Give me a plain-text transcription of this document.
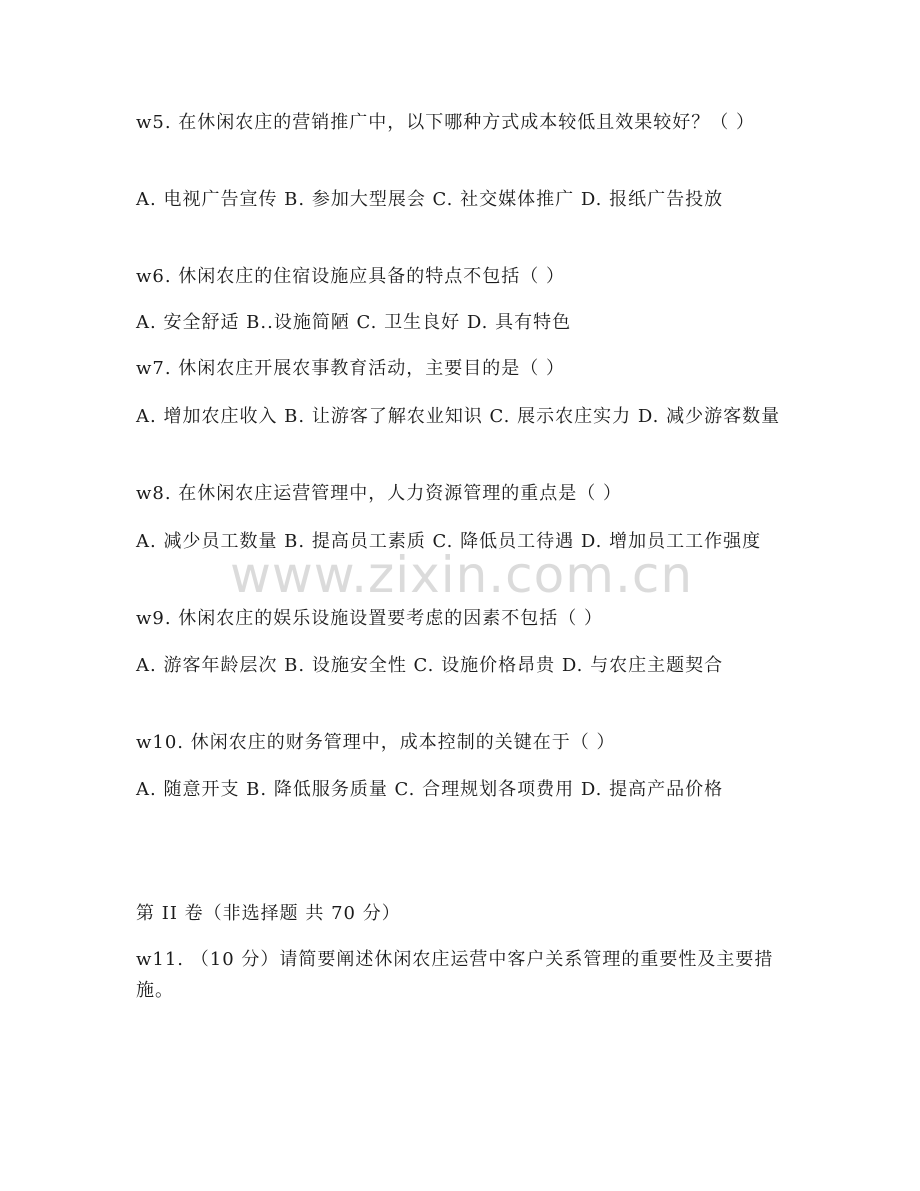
w5. 在休闲农庄的营销推广中，以下哪种方式成本较低且效果较好？（ ）
A. 电视广告宣传 B. 参加大型展会 C. 社交媒体推广 D. 报纸广告投放
w6. 休闲农庄的住宿设施应具备的特点不包括（ ）
A. 安全舒适 B..设施简陋 C. 卫生良好 D. 具有特色
w7. 休闲农庄开展农事教育活动，主要目的是（ ）
A. 增加农庄收入 B. 让游客了解农业知识 C. 展示农庄实力 D. 减少游客数量
w8. 在休闲农庄运营管理中，人力资源管理的重点是（ ）
A. 减少员工数量 B. 提高员工素质 C. 降低员工待遇 D. 增加员工工作强度
w9. 休闲农庄的娱乐设施设置要考虑的因素不包括（ ）
A. 游客年龄层次 B. 设施安全性 C. 设施价格昂贵 D. 与农庄主题契合
w10. 休闲农庄的财务管理中，成本控制的关键在于（ ）
A. 随意开支 B. 降低服务质量 C. 合理规划各项费用 D. 提高产品价格
第 II 卷（非选择题 共 70 分）
w11. （10 分）请简要阐述休闲农庄运营中客户关系管理的重要性及主要措施。
www.zixin.com.cn
